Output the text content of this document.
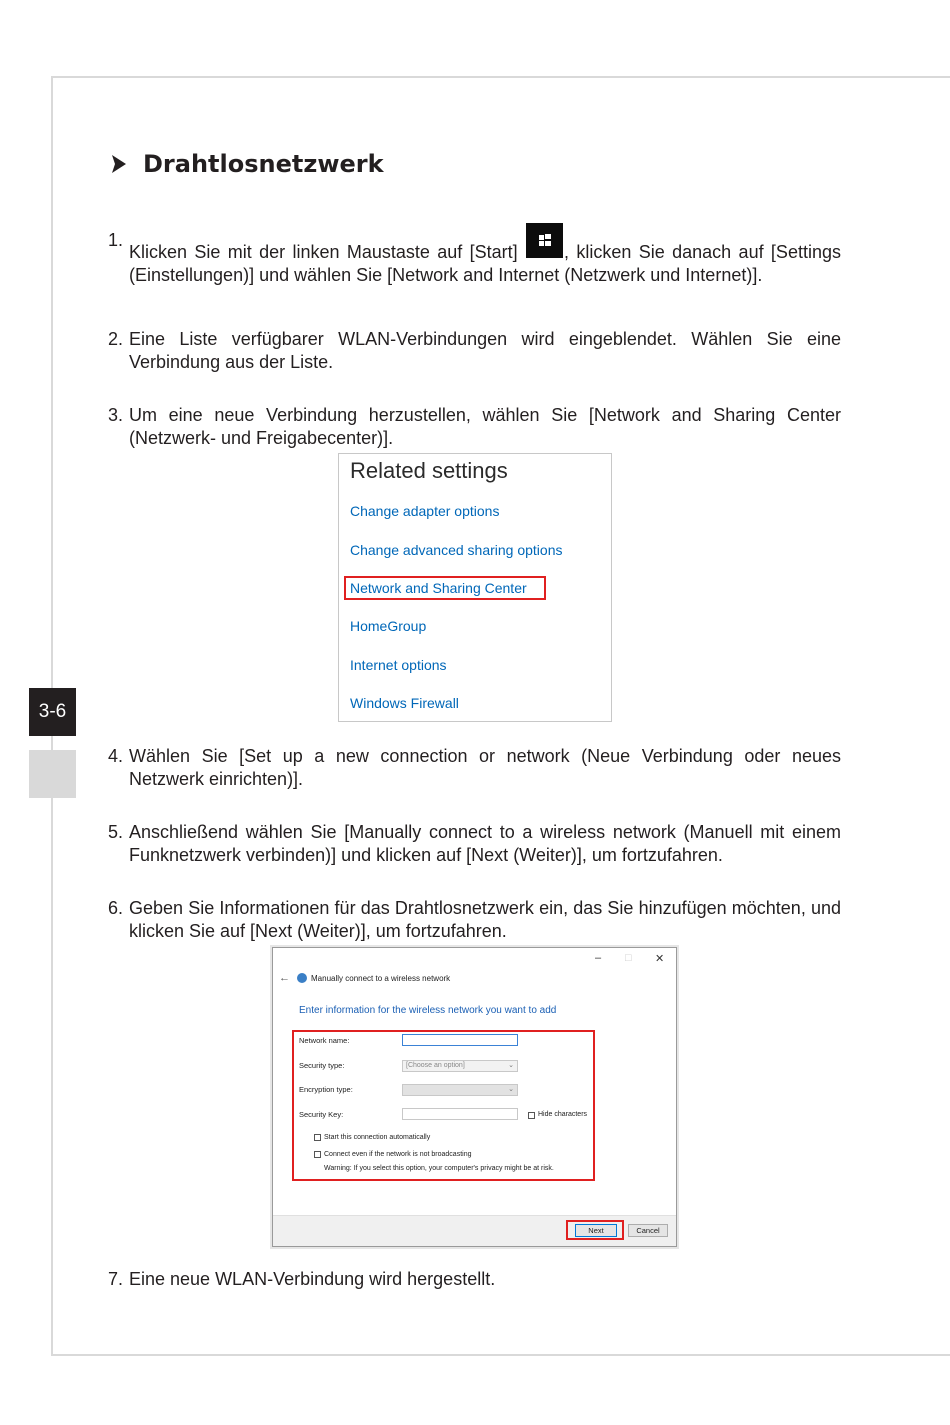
3-6
Drahtlosnetzwerk
1.
Klicken Sie mit der linken Maustaste auf [Start]	, klicken Sie danach auf [Settings (Einstellungen)] und wählen Sie [Network and Internet (Netzwerk und Internet)].
2. Eine Liste verfügbarer WLAN-Verbindungen wird eingeblendet. Wählen Sie eine Verbindung aus der Liste.
3. Um eine neue Verbindung herzustellen, wählen Sie [Network and Sharing Center (Netzwerk- und Freigabecenter)].
Related settings
Change adapter options
Change advanced sharing options
Network and Sharing Center
HomeGroup
Internet options
Windows Firewall
4. Wählen Sie [Set up a new connection or network (Neue Verbindung oder neues Netzwerk einrichten)].
5. Anschließend wählen Sie [Manually connect to a wireless network (Manuell mit einem Funknetzwerk verbinden)] und klicken auf [Next (Weiter)], um fortzufahren.
6. Geben Sie Informationen für das Drahtlosnetzwerk ein, das Sie hinzufügen möchten, und klicken Sie auf [Next (Weiter)], um fortzufahren.
– □ ✕
←	Manually connect to a wireless network
Enter information for the wireless network you want to add
Network name:
Security type:	[Choose an option]	⌄
Encryption type:	⌄
Security Key:	Hide characters
Start this connection automatically
Connect even if the network is not broadcasting
Warning: If you select this option, your computer's privacy might be at risk.
Next	Cancel
7. Eine neue WLAN-Verbindung wird hergestellt.
